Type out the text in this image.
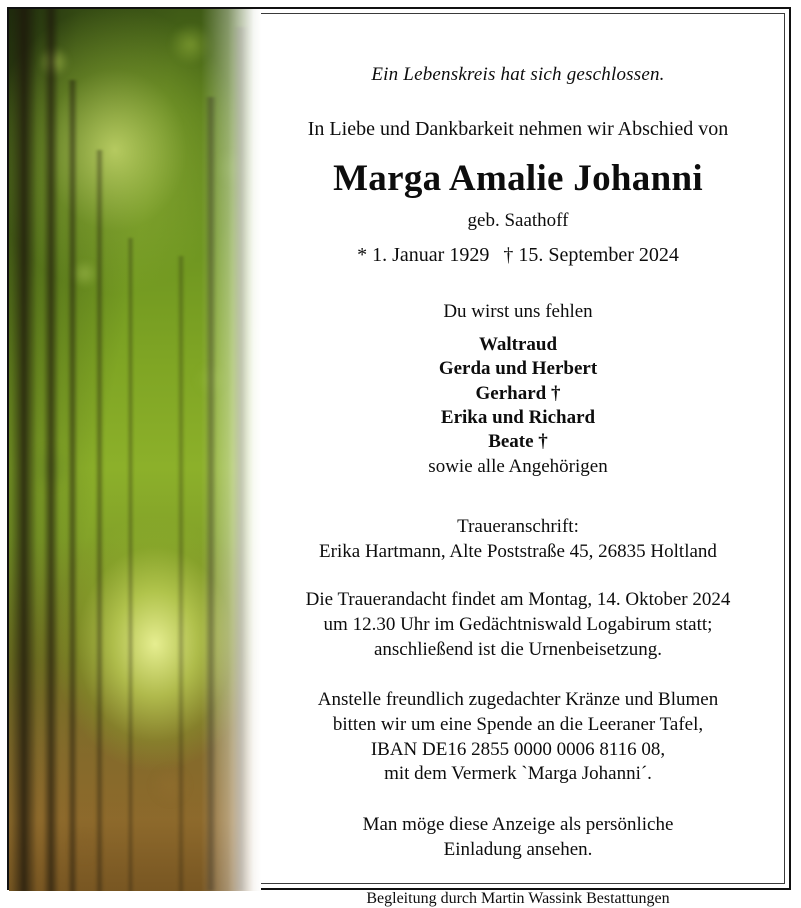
Ein Lebenskreis hat sich geschlossen.
In Liebe und Dankbarkeit nehmen wir Abschied von
Marga Amalie Johanni
geb. Saathoff
* 1. Januar 1929 † 15. September 2024
Du wirst uns fehlen
Waltraud
Gerda und Herbert
Gerhard †
Erika und Richard
Beate †
sowie alle Angehörigen
Traueranschrift:
Erika Hartmann, Alte Poststraße 45, 26835 Holtland
Die Trauerandacht findet am Montag, 14. Oktober 2024
um 12.30 Uhr im Gedächtniswald Logabirum statt;
anschließend ist die Urnenbeisetzung.
Anstelle freundlich zugedachter Kränze und Blumen
bitten wir um eine Spende an die Leeraner Tafel,
IBAN DE16 2855 0000 0006 8116 08,
mit dem Vermerk `Marga Johanni´.
Man möge diese Anzeige als persönliche
Einladung ansehen.
Begleitung durch Martin Wassink Bestattungen
